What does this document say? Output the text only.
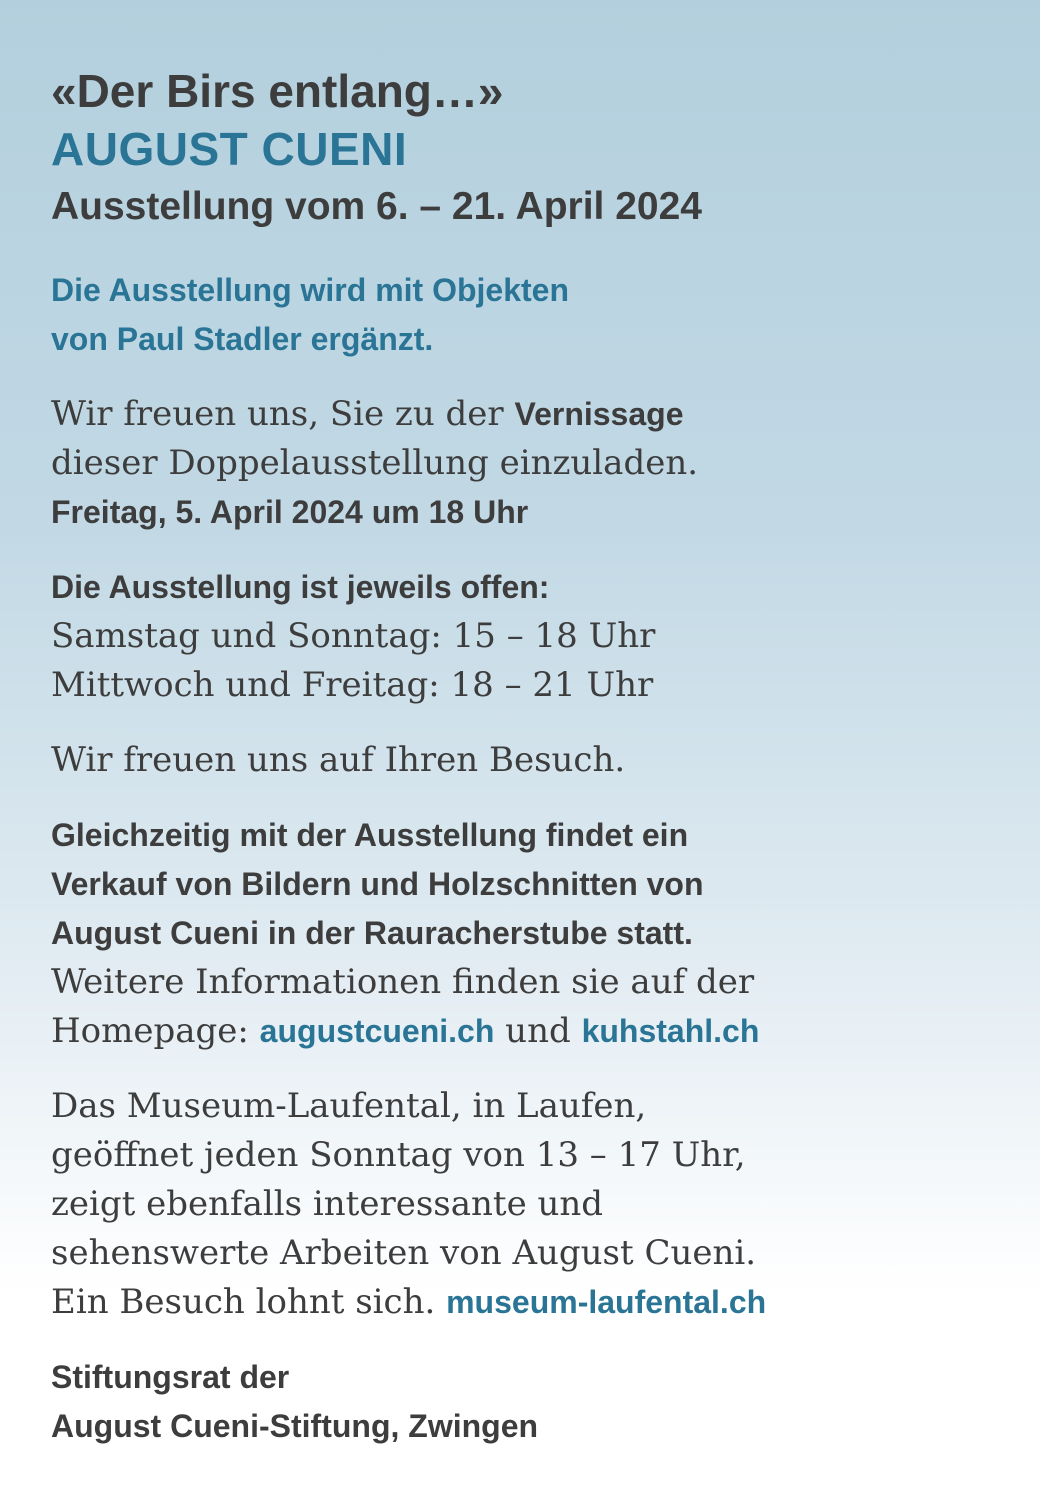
«Der Birs entlang…»

AUGUST CUENI

Ausstellung vom 6. – 21. April 2024

Die Ausstellung wird mit Objekten
von Paul Stadler ergänzt.
Wir freuen uns, Sie zu der Vernissage
dieser Doppelausstellung einzuladen.
Freitag, 5. April 2024 um 18 Uhr
Die Ausstellung ist jeweils offen:
Samstag und Sonntag: 15 – 18 Uhr
Mittwoch und Freitag: 18 – 21 Uhr
Wir freuen uns auf Ihren Besuch.
Gleichzeitig mit der Ausstellung findet ein
Verkauf von Bildern und Holzschnitten von
August Cueni in der Rauracherstube statt.
Weitere Informationen finden sie auf der
Homepage: augustcueni.ch und kuhstahl.ch
Das Museum-Laufental, in Laufen,
geöffnet jeden Sonntag von 13 – 17 Uhr,
zeigt ebenfalls interessante und
sehenswerte Arbeiten von August Cueni.
Ein Besuch lohnt sich. museum-laufental.ch
Stiftungsrat der
August Cueni-Stiftung, Zwingen
